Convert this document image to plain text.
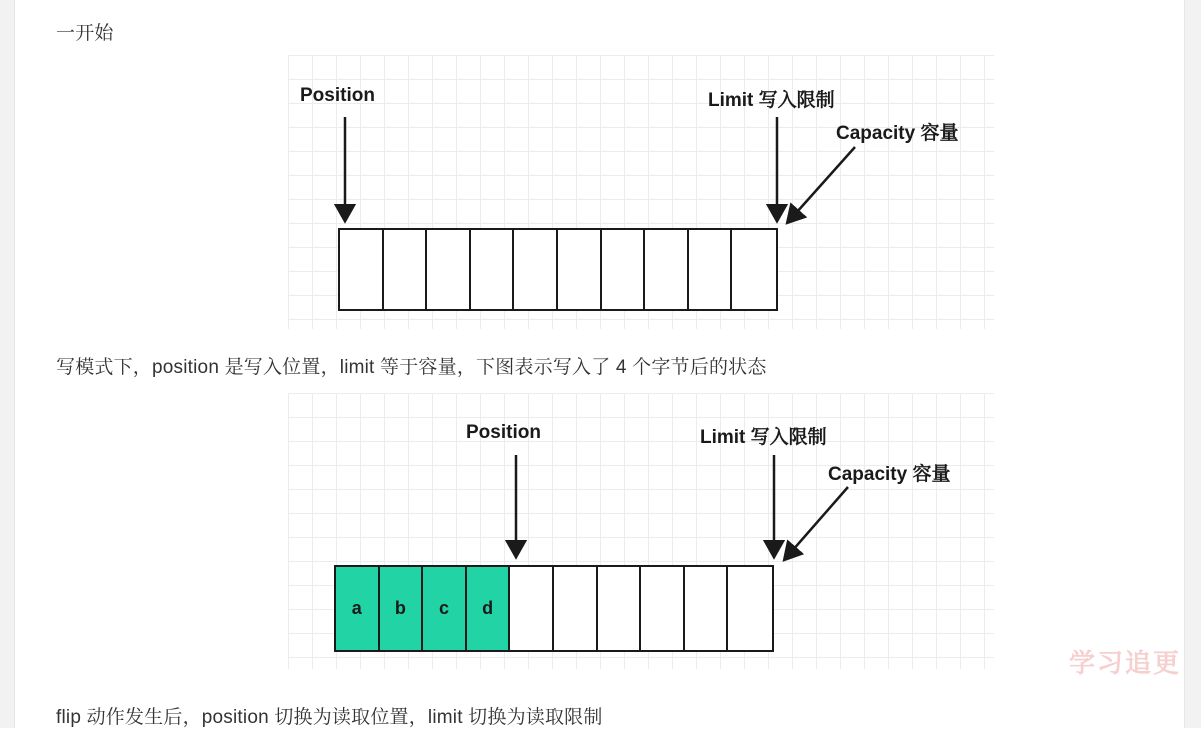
一开始
Position	Limit 写入限制
Capacity 容量
写模式下，position 是写入位置，limit 等于容量，下图表示写入了 4 个字节后的状态
Position	Limit 写入限制
Capacity 容量
a	b	c	d
学习追更
flip 动作发生后，position 切换为读取位置，limit 切换为读取限制
